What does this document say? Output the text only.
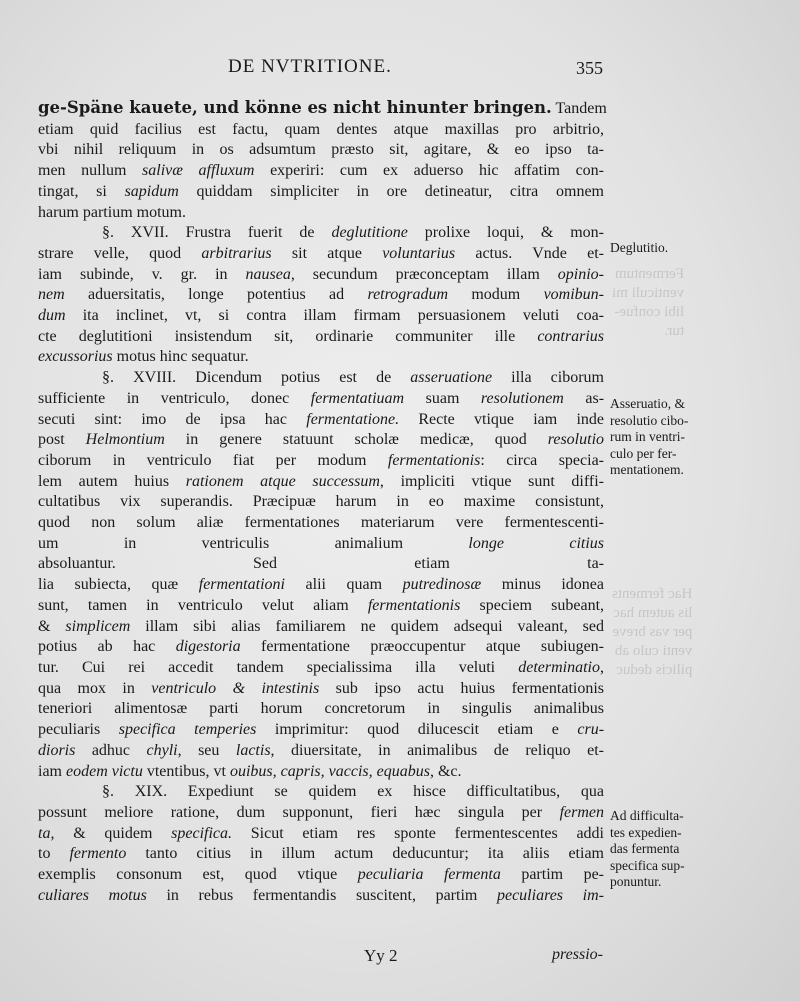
Fermentum
venticuli mi
libi confue-
tur.
Hac ferments
lis autem hac
per vas breve
venti culo ab
pilicis deduc
DE NVTRITIONE.	355
ge-Späne kauete, und könne es nicht hinunter bringen. Tandem
etiam quid facilius est factu, quam dentes atque maxillas pro arbitrio,
vbi nihil reliquum in os adsumtum præsto sit, agitare, & eo ipso ta-
men nullum salivæ affluxum experiri: cum ex aduerso hic affatim con-
tingat, si sapidum quiddam simpliciter in ore detineatur, citra omnem
harum partium motum.
§. XVII. Frustra fuerit de deglutitione prolixe loqui, & mon-
strare velle, quod arbitrarius sit atque voluntarius actus. Vnde et-
iam subinde, v. gr. in nausea, secundum præconceptam illam opinio-
nem aduersitatis, longe potentius ad retrogradum modum vomibun-
dum ita inclinet, vt, si contra illam firmam persuasionem veluti coa-
cte deglutitioni insistendum sit, ordinarie communiter ille contrarius
excussorius motus hinc sequatur.
§. XVIII. Dicendum potius est de asseruatione illa ciborum
sufficiente in ventriculo, donec fermentatiuam suam resolutionem as-
secuti sint: imo de ipsa hac fermentatione. Recte vtique iam inde
post Helmontium in genere statuunt scholæ medicæ, quod resolutio
ciborum in ventriculo fiat per modum fermentationis: circa specia-
lem autem huius rationem atque successum, impliciti vtique sunt diffi-
cultatibus vix superandis. Præcipuæ harum in eo maxime consistunt,
quod non solum aliæ fermentationes materiarum vere fermentescenti-
um in ventriculis animalium longe citius
absoluantur. Sed etiam ta-
lia subiecta, quæ fermentationi alii quam putredinosæ minus idonea
sunt, tamen in ventriculo velut aliam fermentationis speciem subeant,
& simplicem illam sibi alias familiarem ne quidem adsequi valeant, sed
potius ab hac digestoria fermentatione præoccupentur atque subiugen-
tur. Cui rei accedit tandem specialissima illa veluti determinatio,
qua mox in ventriculo & intestinis sub ipso actu huius fermentationis
teneriori alimentosæ parti horum concretorum in singulis animalibus
peculiaris specifica temperies imprimitur: quod dilucescit etiam e cru-
dioris adhuc chyli, seu lactis, diuersitate, in animalibus de reliquo et-
iam eodem victu vtentibus, vt ouibus, capris, vaccis, equabus, &c.
§. XIX. Expediunt se quidem ex hisce difficultatibus, qua
possunt meliore ratione, dum supponunt, fieri hæc singula per fermen
ta, & quidem specifica. Sicut etiam res sponte fermentescentes addi
to fermento tanto citius in illum actum deducuntur; ita aliis etiam
exemplis consonum est, quod vtique peculiaria fermenta partim pe-
culiares motus in rebus fermentandis suscitent, partim peculiares im-
Deglutitio.
Asseruatio, &
resolutio cibo-
rum in ventri-
culo per fer-
mentationem.
Ad difficulta-
tes expedien-
das fermenta
specifica sup-
ponuntur.
Yy 2	pressio-
